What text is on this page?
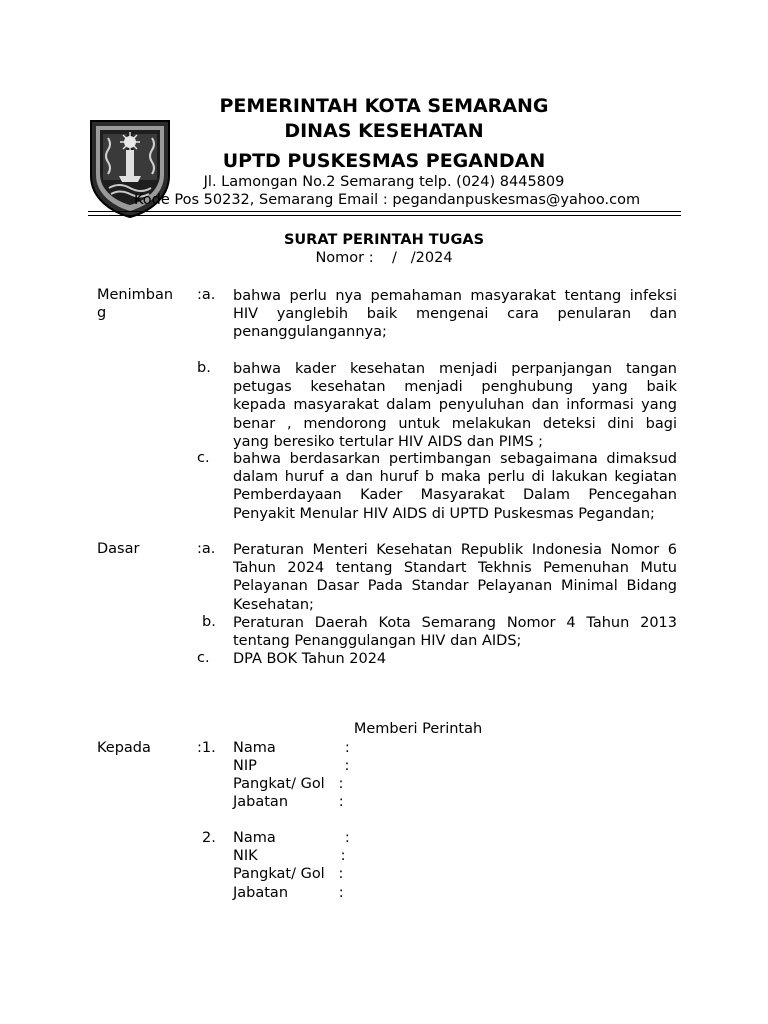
PEMERINTAH KOTA SEMARANG
DINAS KESEHATAN
UPTD PUSKESMAS PEGANDAN
Jl. Lamongan No.2 Semarang telp. (024) 8445809
Kode Pos 50232, Semarang Email : pegandanpuskesmas@yahoo.com
SURAT PERINTAH TUGAS
Nomor :    /   /2024
Menimban
g
:a. bahwa perlu nya pemahaman masyarakat tentang infeksi
HIV yanglebih baik mengenai cara penularan dan
penanggulangannya;
b. bahwa kader kesehatan menjadi perpanjangan tangan
petugas kesehatan menjadi penghubung yang baik
kepada masyarakat dalam penyuluhan dan informasi yang
benar , mendorong untuk melakukan deteksi dini bagi
yang beresiko tertular HIV AIDS dan PIMS ;
c. bahwa berdasarkan pertimbangan sebagaimana dimaksud
dalam huruf a dan huruf b maka perlu di lakukan kegiatan
Pemberdayaan Kader Masyarakat Dalam Pencegahan
Penyakit Menular HIV AIDS di UPTD Puskesmas Pegandan;
Dasar	:a. Peraturan Menteri Kesehatan Republik Indonesia Nomor 6
Tahun 2024 tentang Standart Tekhnis Pemenuhan Mutu
Pelayanan Dasar Pada Standar Pelayanan Minimal Bidang
Kesehatan;
b. Peraturan Daerah Kota Semarang Nomor 4 Tahun 2013
tentang Penanggulangan HIV dan AIDS;
c. DPA BOK Tahun 2024
Memberi Perintah
Kepada	:1. Nama               :
NIP                   :
Pangkat/ Gol   :
Jabatan           :
2. Nama               :
NIK                  :
Pangkat/ Gol   :
Jabatan           :
